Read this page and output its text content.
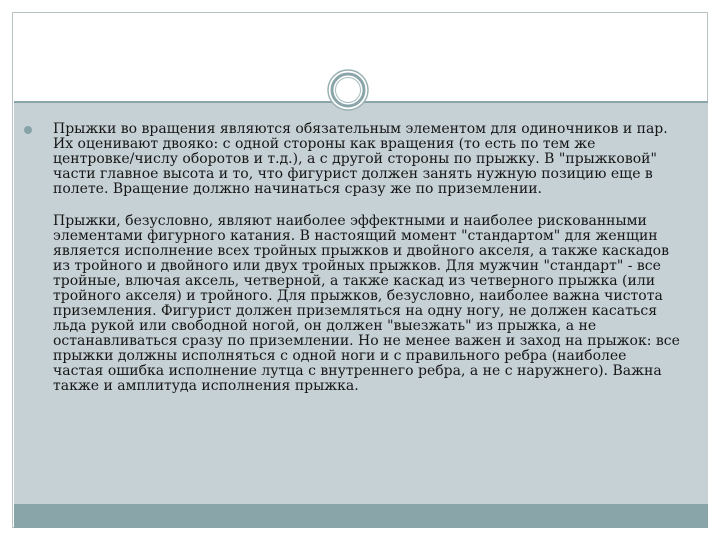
Прыжки во вращения являются обязательным элементом для одиночников и пар. Их оценивают двояко: с одной стороны как вращения (то есть по тем же центровке/числу оборотов и т.д.), а с другой стороны по прыжку. В "прыжковой" части главное высота и то, что фигурист должен занять нужную позицию еще в полете. Вращение должно начинаться сразу же по приземлении.

Прыжки, безусловно, являют наиболее эффектными и наиболее рискованными элементами фигурного катания. В настоящий момент "стандартом" для женщин является исполнение всех тройных прыжков и двойного аксeля, а также каскадов из тройного и двойного или двух тройных прыжков. Для мужчин "стандарт" - все тройные, влючая аксель, четверной, а также каскад из четверного прыжка (или тройного акселя) и тройного. Для прыжков, безусловно, наиболее важна чистота приземления. Фигурист должен приземляться на одну ногу, не должен касаться льда рукой или свободной ногой, он должен "выезжать" из прыжка, а не останавливаться сразу по приземлении. Но не менее важен и заход на прыжок: все прыжки должны исполняться с одной ноги и с правильного ребра (наиболее частая ошибка исполнение лутца с внутреннего ребра, а не с наружнего). Важна также и амплитуда исполнения прыжка.
